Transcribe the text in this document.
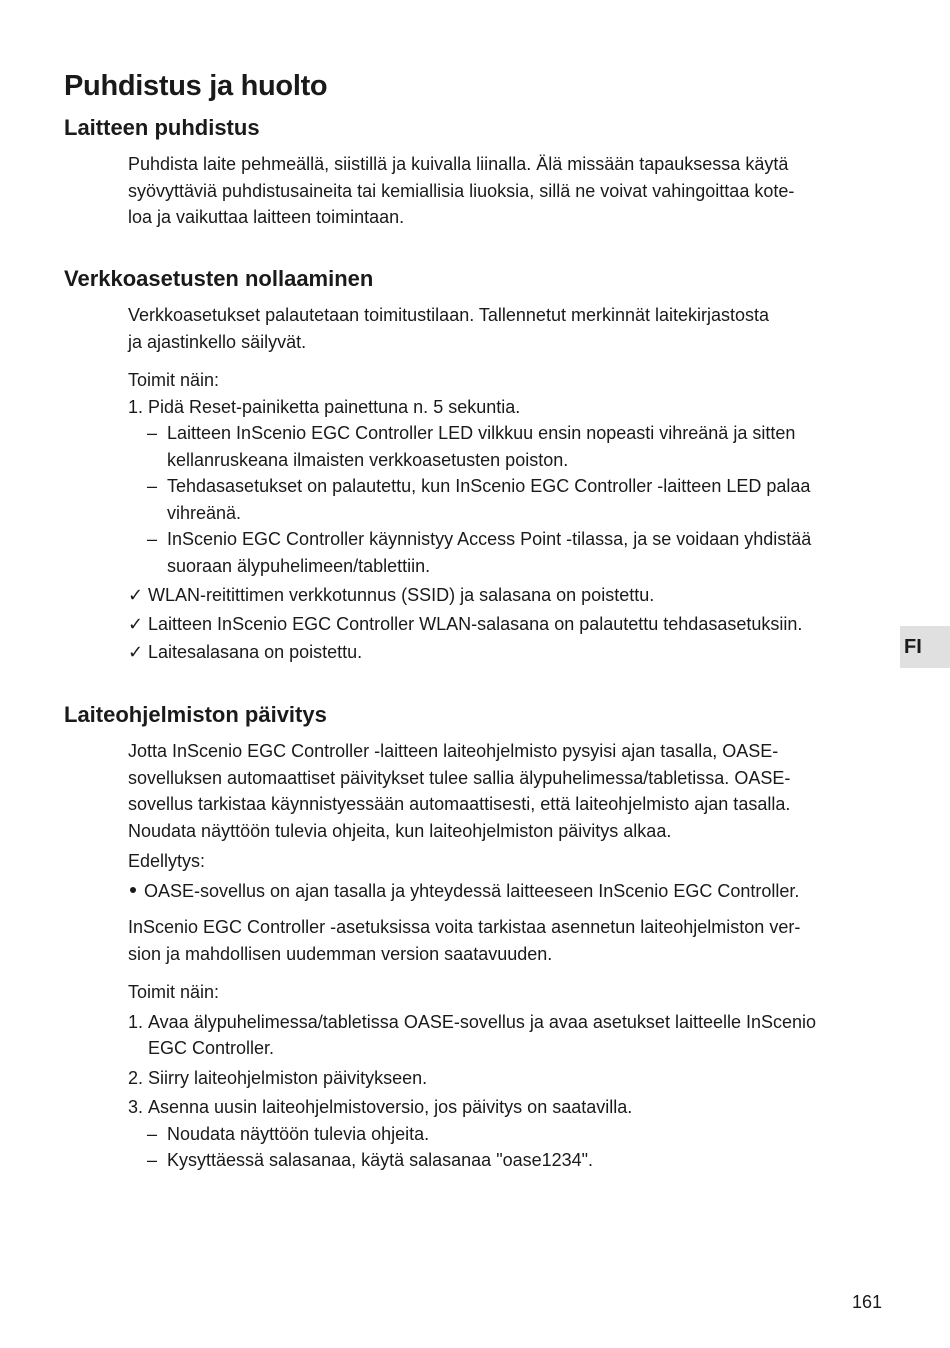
Puhdistus ja huolto
Laitteen puhdistus
Puhdista laite pehmeällä, siistillä ja kuivalla liinalla. Älä missään tapauksessa käytä
syövyttäviä puhdistusaineita tai kemiallisia liuoksia, sillä ne voivat vahingoittaa kote-
loa ja vaikuttaa laitteen toimintaan.
Verkkoasetusten nollaaminen
Verkkoasetukset palautetaan toimitustilaan. Tallennetut merkinnät laitekirjastosta
ja ajastinkello säilyvät.
Toimit näin:
1. Pidä Reset-painiketta painettuna n. 5 sekuntia.
– Laitteen InScenio EGC Controller LED vilkkuu ensin nopeasti vihreänä ja sitten
kellanruskeana ilmaisten verkkoasetusten poiston.
– Tehdasasetukset on palautettu, kun InScenio EGC Controller -laitteen LED palaa
vihreänä.
– InScenio EGC Controller käynnistyy Access Point -tilassa, ja se voidaan yhdistää
suoraan älypuhelimeen/tablettiin.
✓ WLAN-reitittimen verkkotunnus (SSID) ja salasana on poistettu.
✓ Laitteen InScenio EGC Controller WLAN-salasana on palautettu tehdasasetuksiin.
✓ Laitesalasana on poistettu.
Laiteohjelmiston päivitys
Jotta InScenio EGC Controller -laitteen laiteohjelmisto pysyisi ajan tasalla, OASE-
sovelluksen automaattiset päivitykset tulee sallia älypuhelimessa/tabletissa. OASE-
sovellus tarkistaa käynnistyessään automaattisesti, että laiteohjelmisto ajan tasalla.
Noudata näyttöön tulevia ohjeita, kun laiteohjelmiston päivitys alkaa.
Edellytys:
OASE-sovellus on ajan tasalla ja yhteydessä laitteeseen InScenio EGC Controller.
InScenio EGC Controller -asetuksissa voita tarkistaa asennetun laiteohjelmiston ver-
sion ja mahdollisen uudemman version saatavuuden.
Toimit näin:
1. Avaa älypuhelimessa/tabletissa OASE-sovellus ja avaa asetukset laitteelle InScenio
EGC Controller.
2. Siirry laiteohjelmiston päivitykseen.
3. Asenna uusin laiteohjelmistoversio, jos päivitys on saatavilla.
– Noudata näyttöön tulevia ohjeita.
– Kysyttäessä salasanaa, käytä salasanaa "oase1234".
FI
161
